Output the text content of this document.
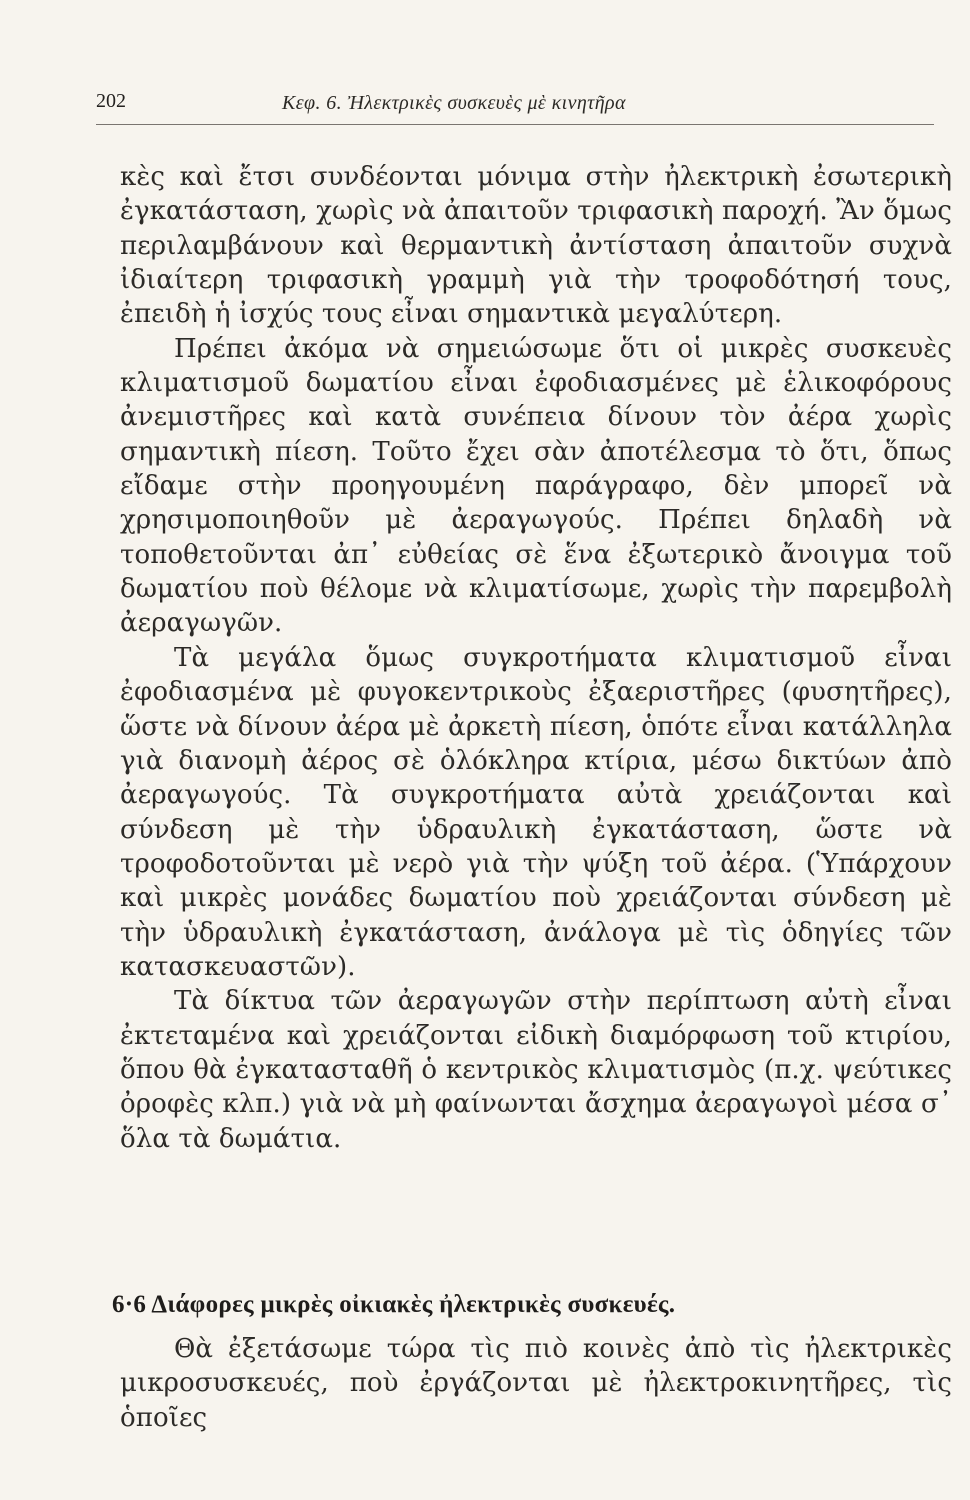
202	Κεφ. 6. Ἠλεκτρικὲς συσκευὲς μὲ κινητῆρα

κὲς καὶ ἔτσι συνδέονται μόνιμα στὴν ἠλεκτρικὴ ἐσωτερικὴ ἐγκατάσταση, χωρὶς νὰ ἀπαιτοῦν τριφασικὴ παροχή. Ἂν ὅμως περιλαμβάνουν καὶ θερμαντικὴ ἀντίσταση ἀπαιτοῦν συχνὰ ἰδιαίτερη τριφασικὴ γραμμὴ γιὰ τὴν τροφοδότησή τους, ἐπειδὴ ἡ ἰσχύς τους εἶναι σημαντικὰ μεγαλύτερη.

Πρέπει ἀκόμα νὰ σημειώσωμε ὅτι οἱ μικρὲς συσκευὲς κλιματισμοῦ δωματίου εἶναι ἐφοδιασμένες μὲ ἑλικοφόρους ἀνεμιστῆρες καὶ κατὰ συνέπεια δίνουν τὸν ἀέρα χωρὶς σημαντικὴ πίεση. Τοῦτο ἔχει σὰν ἀποτέλεσμα τὸ ὅτι, ὅπως εἴδαμε στὴν προηγουμένη παράγραφο, δὲν μπορεῖ νὰ χρησιμοποιηθοῦν μὲ ἀεραγωγούς. Πρέπει δηλαδὴ νὰ τοποθετοῦνται ἀπ᾿ εὐθείας σὲ ἕνα ἐξωτερικὸ ἄνοιγμα τοῦ δωματίου ποὺ θέλομε νὰ κλιματίσωμε, χωρὶς τὴν παρεμβολὴ ἀεραγωγῶν.

Τὰ μεγάλα ὅμως συγκροτήματα κλιματισμοῦ εἶναι ἐφοδιασμένα μὲ φυγοκεντρικοὺς ἐξαεριστῆρες (φυσητῆρες), ὥστε νὰ δίνουν ἀέρα μὲ ἀρκετὴ πίεση, ὁπότε εἶναι κατάλληλα γιὰ διανομὴ ἀέρος σὲ ὁλόκληρα κτίρια, μέσω δικτύων ἀπὸ ἀεραγωγούς. Τὰ συγκροτήματα αὐτὰ χρειάζονται καὶ σύνδεση μὲ τὴν ὑδραυλικὴ ἐγκατάσταση, ὥστε νὰ τροφοδοτοῦνται μὲ νερὸ γιὰ τὴν ψύξη τοῦ ἀέρα. (Ὑπάρχουν καὶ μικρὲς μονάδες δωματίου ποὺ χρειάζονται σύνδεση μὲ τὴν ὑδραυλικὴ ἐγκατάσταση, ἀνάλογα μὲ τὶς ὁδηγίες τῶν κατασκευαστῶν).

Τὰ δίκτυα τῶν ἀεραγωγῶν στὴν περίπτωση αὐτὴ εἶναι ἐκτεταμένα καὶ χρειάζονται εἰδικὴ διαμόρφωση τοῦ κτιρίου, ὅπου θὰ ἐγκατασταθῆ ὁ κεντρικὸς κλιματισμὸς (π.χ. ψεύτικες ὀροφὲς κλπ.) γιὰ νὰ μὴ φαίνωνται ἄσχημα ἀεραγωγοὶ μέσα σ᾿ ὅλα τὰ δωμάτια.

6·6 Διάφορες μικρὲς οἰκιακὲς ἠλεκτρικὲς συσκευές.

Θὰ ἐξετάσωμε τώρα τὶς πιὸ κοινὲς ἀπὸ τὶς ἠλεκτρικὲς μικροσυσκευές, ποὺ ἐργάζονται μὲ ἠλεκτροκινητῆρες, τὶς ὁποῖες
